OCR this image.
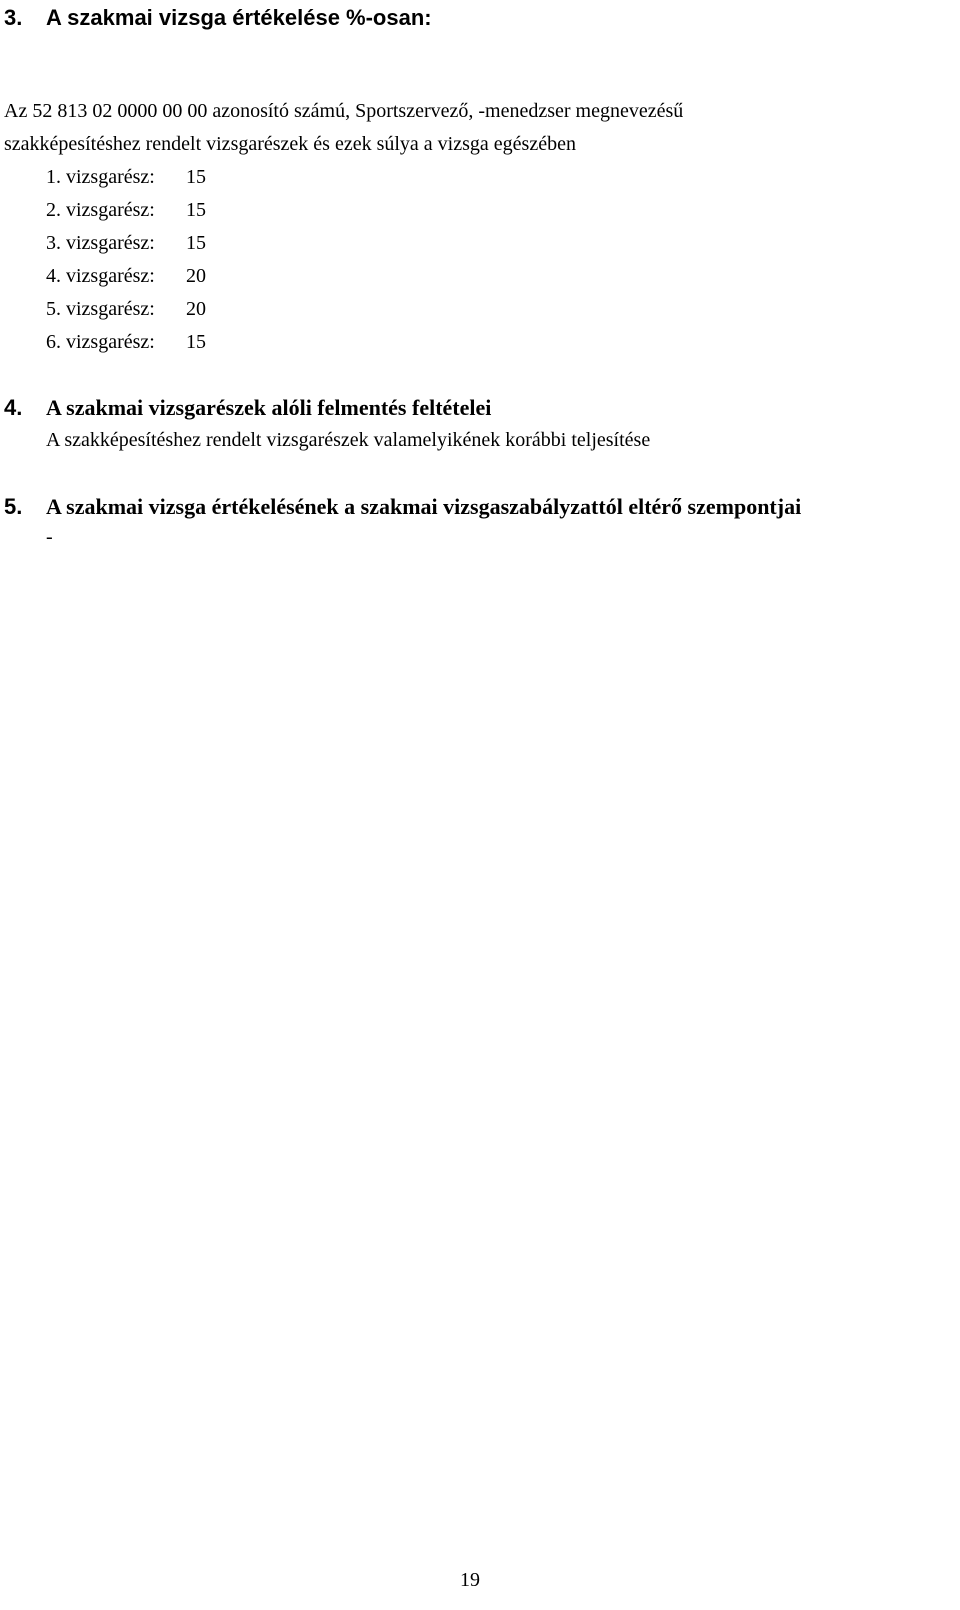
3. A szakmai vizsga értékelése %-osan:
Az 52 813 02 0000 00 00 azonosító számú, Sportszervező, -menedzser megnevezésű
szakképesítéshez rendelt vizsgarészek és ezek súlya a vizsga egészében
1. vizsgarész:	15
2. vizsgarész:	15
3. vizsgarész:	15
4. vizsgarész:	20
5. vizsgarész:	20
6. vizsgarész:	15
4. A szakmai vizsgarészek alóli felmentés feltételei
A szakképesítéshez rendelt vizsgarészek valamelyikének korábbi teljesítése
5. A szakmai vizsga értékelésének a szakmai vizsgaszabályzattól eltérő szempontjai
-
19
